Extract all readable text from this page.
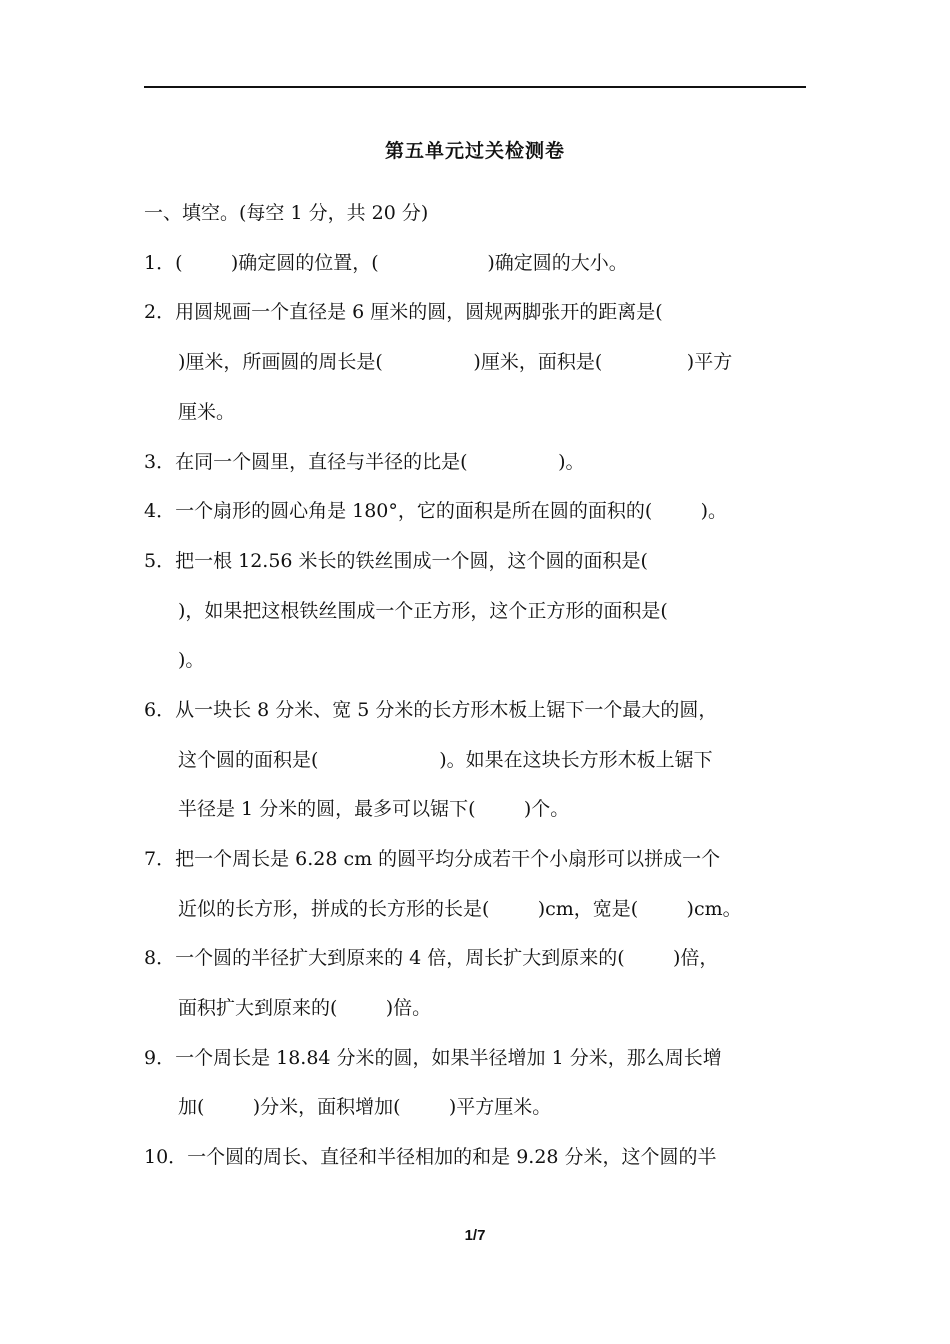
第五单元过关检测卷
一、填空。(每空 1 分，共 20 分)
1．(        )确定圆的位置，(                  )确定圆的大小。
2．用圆规画一个直径是 6 厘米的圆，圆规两脚张开的距离是(
)厘米，所画圆的周长是(               )厘米，面积是(              )平方
厘米。
3．在同一个圆里，直径与半径的比是(               )。
4．一个扇形的圆心角是 180°，它的面积是所在圆的面积的(        )。
5．把一根 12.56 米长的铁丝围成一个圆，这个圆的面积是(
)，如果把这根铁丝围成一个正方形，这个正方形的面积是(
)。
6．从一块长 8 分米、宽 5 分米的长方形木板上锯下一个最大的圆，
这个圆的面积是(                    )。如果在这块长方形木板上锯下
半径是 1 分米的圆，最多可以锯下(        )个。
7．把一个周长是 6.28 cm 的圆平均分成若干个小扇形可以拼成一个
近似的长方形，拼成的长方形的长是(        )cm，宽是(        )cm。
8．一个圆的半径扩大到原来的 4 倍，周长扩大到原来的(        )倍，
面积扩大到原来的(        )倍。
9．一个周长是 18.84 分米的圆，如果半径增加 1 分米，那么周长增
加(        )分米，面积增加(        )平方厘米。
10．一个圆的周长、直径和半径相加的和是 9.28 分米，这个圆的半
1/7
